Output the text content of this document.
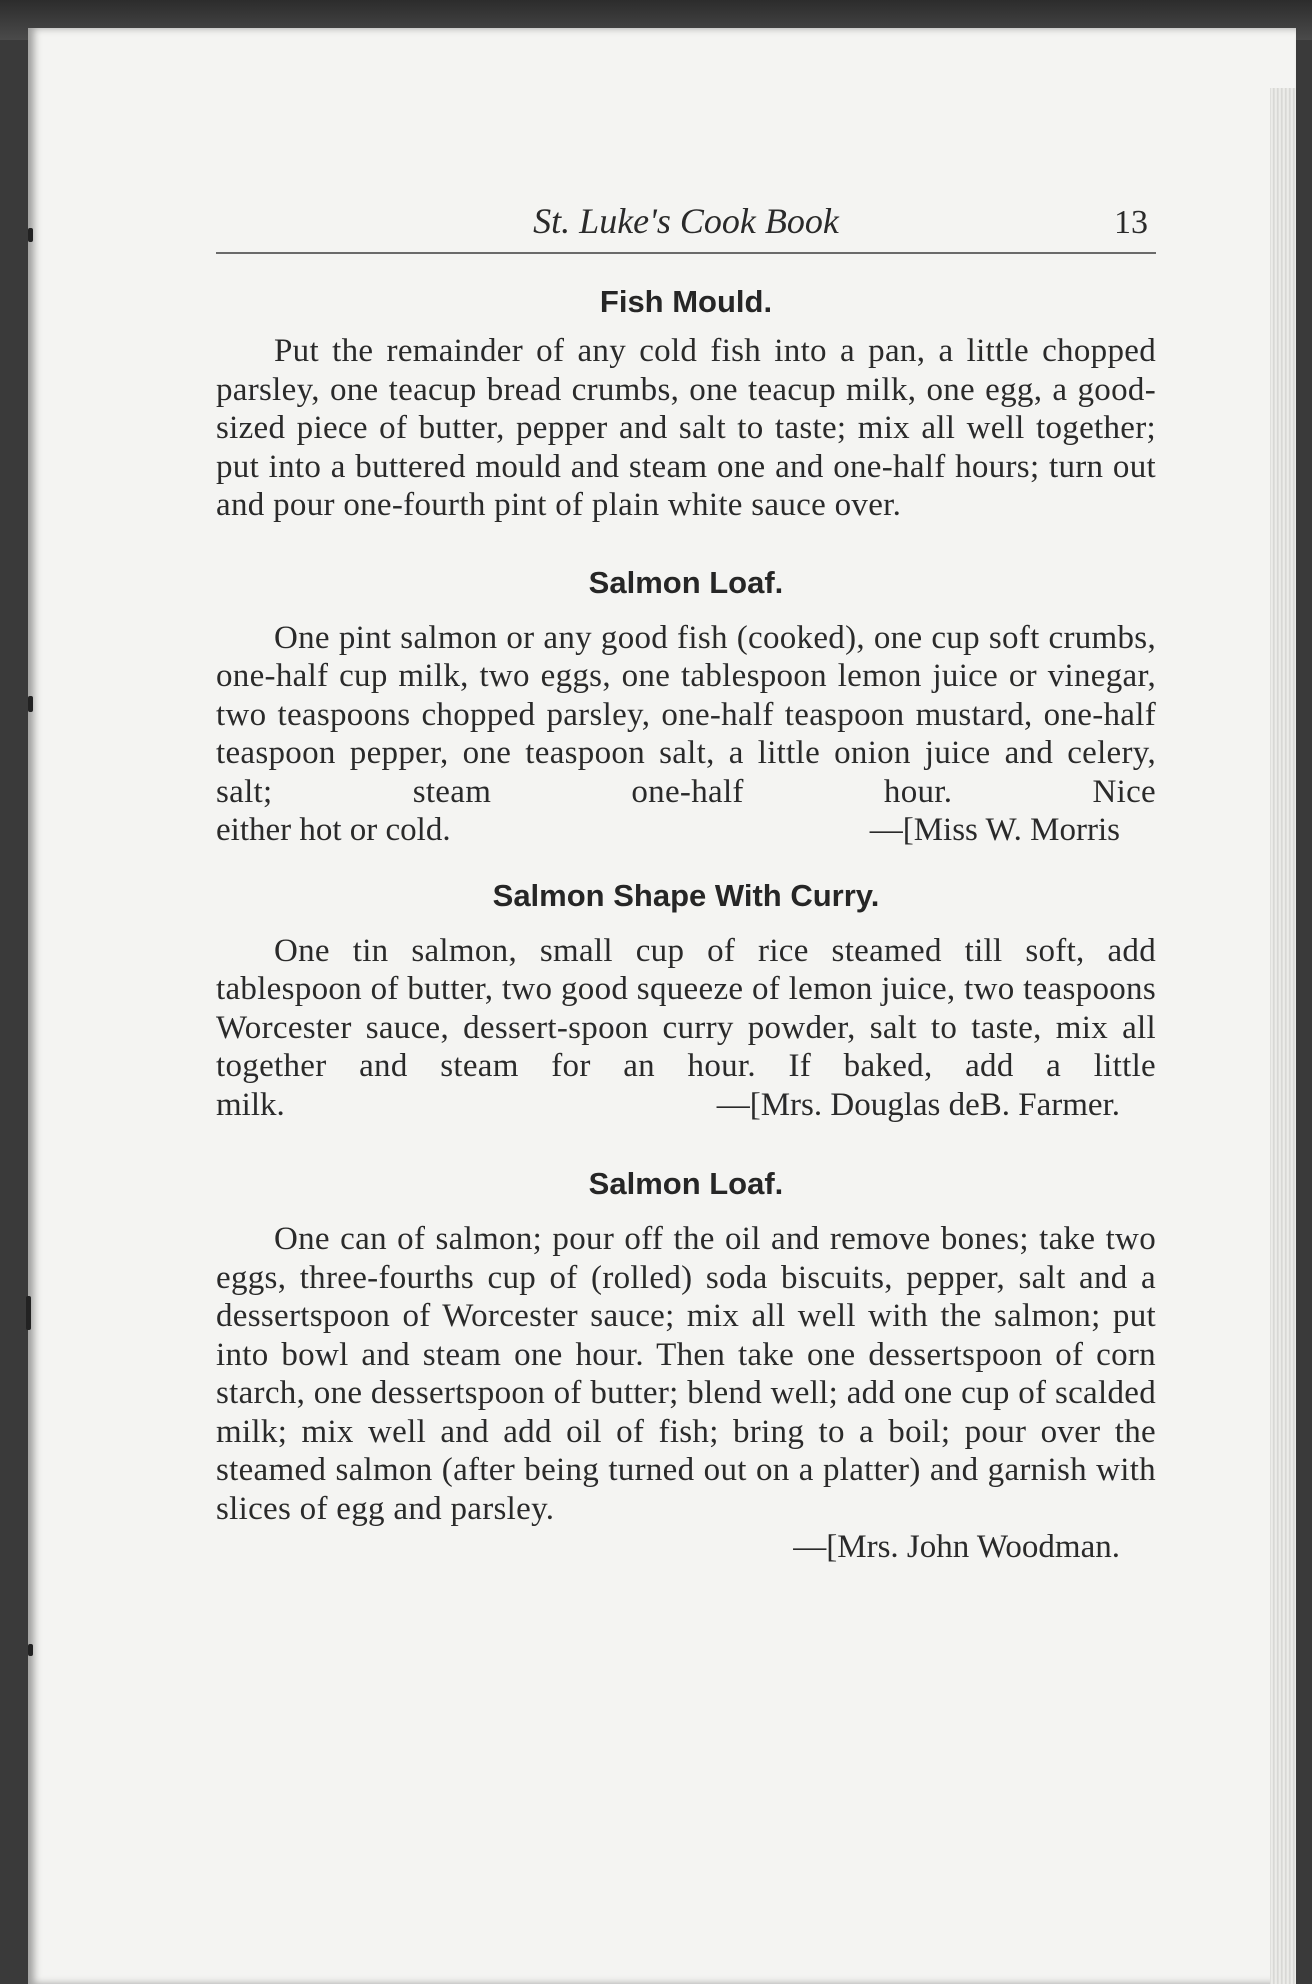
St. Luke's Cook Book	13
Fish Mould.

Put the remainder of any cold fish into a pan, a little chopped parsley, one teacup bread crumbs, one teacup milk, one egg, a good-sized piece of butter, pepper and salt to taste; mix all well together; put into a buttered mould and steam one and one-half hours; turn out and pour one-fourth pint of plain white sauce over.

Salmon Loaf.

One pint salmon or any good fish (cooked), one cup soft crumbs, one-half cup milk, two eggs, one tablespoon lemon juice or vinegar, two teaspoons chopped parsley, one-half teaspoon mustard, one-half teaspoon pepper, one teaspoon salt, a little onion juice and celery, salt; steam one-half hour. Nice

either hot or cold.	—[Miss W. Morris
Salmon Shape With Curry.

One tin salmon, small cup of rice steamed till soft, add tablespoon of butter, two good squeeze of lemon juice, two teaspoons Worcester sauce, dessert-spoon curry powder, salt to taste, mix all together and steam for an hour. If baked, add a little

milk.	—[Mrs. Douglas deB. Farmer.
Salmon Loaf.

One can of salmon; pour off the oil and remove bones; take two eggs, three-fourths cup of (rolled) soda biscuits, pepper, salt and a dessertspoon of Worcester sauce; mix all well with the salmon; put into bowl and steam one hour. Then take one dessertspoon of corn starch, one dessertspoon of butter; blend well; add one cup of scalded milk; mix well and add oil of fish; bring to a boil; pour over the steamed salmon (after being turned out on a platter) and garnish with slices of egg and parsley.

—[Mrs. John Woodman.
